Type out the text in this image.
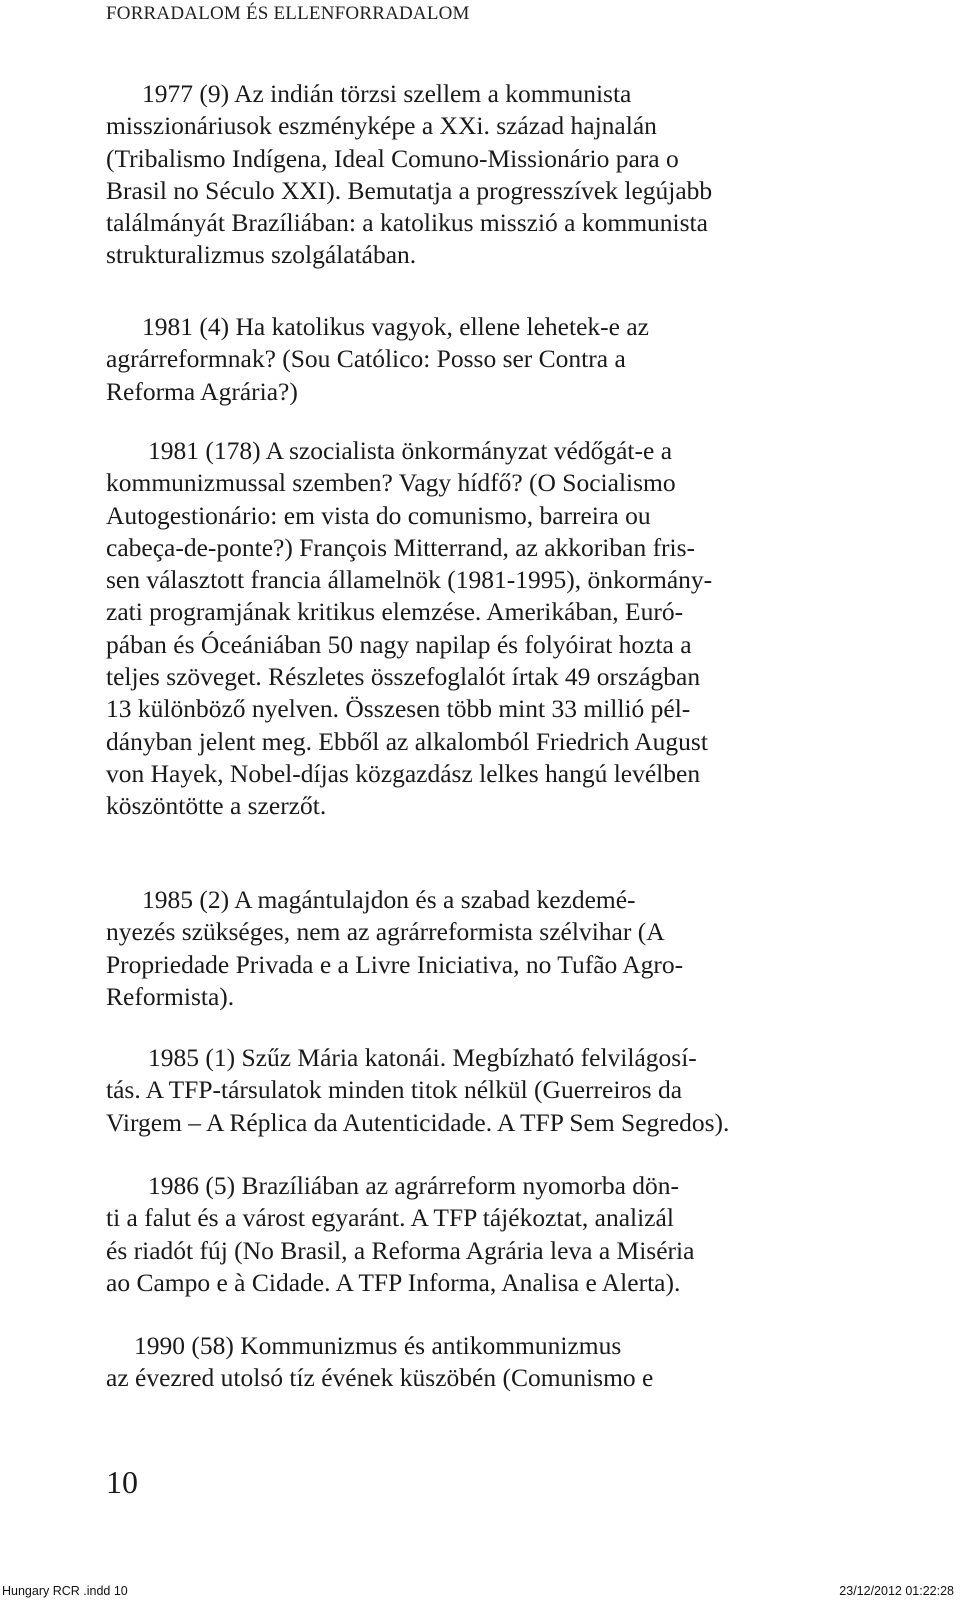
FORRADALOM ÉS ELLENFORRADALOM
1977 (9) Az indián törzsi szellem a kommunista
misszionáriusok eszményképe a XXi. század hajnalán
(Tribalismo Indígena, Ideal Comuno-Missionário para o
Brasil no Século XXI). Bemutatja a progresszívek legújabb
találmányát Brazíliában: a katolikus misszió a kommunista
strukturalizmus szolgálatában.
1981 (4) Ha katolikus vagyok, ellene lehetek-e az
agrárreformnak? (Sou Católico: Posso ser Contra a
Reforma Agrária?)
1981 (178) A szocialista önkormányzat védőgát-e a
kommunizmussal szemben? Vagy hídfő? (O Socialismo
Autogestionário: em vista do comunismo, barreira ou
cabeça-de-ponte?) François Mitterrand, az akkoriban fris-
sen választott francia államelnök (1981-1995), önkormány-
zati programjának kritikus elemzése. Amerikában, Euró-
pában és Óceániában 50 nagy napilap és folyóirat hozta a
teljes szöveget. Részletes összefoglalót írtak 49 országban
13 különböző nyelven. Összesen több mint 33 millió pél-
dányban jelent meg. Ebből az alkalomból Friedrich August
von Hayek, Nobel-díjas közgazdász lelkes hangú levélben
köszöntötte a szerzőt.
1985 (2) A magántulajdon és a szabad kezdemé-
nyezés szükséges, nem az agrárreformista szélvihar (A
Propriedade Privada e a Livre Iniciativa, no Tufão Agro-
Reformista).
1985 (1) Szűz Mária katonái. Megbízható felvilágosí-
tás. A TFP-társulatok minden titok nélkül (Guerreiros da
Virgem – A Réplica da Autenticidade. A TFP Sem Segredos).
1986 (5) Brazíliában az agrárreform nyomorba dön-
ti a falut és a várost egyaránt. A TFP tájékoztat, analizál
és riadót fúj (No Brasil, a Reforma Agrária leva a Miséria
ao Campo e à Cidade. A TFP Informa, Analisa e Alerta).
1990 (58) Kommunizmus és antikommunizmus
az évezred utolsó tíz évének küszöbén (Comunismo e
10
Hungary RCR .indd 10	23/12/2012 01:22:28
